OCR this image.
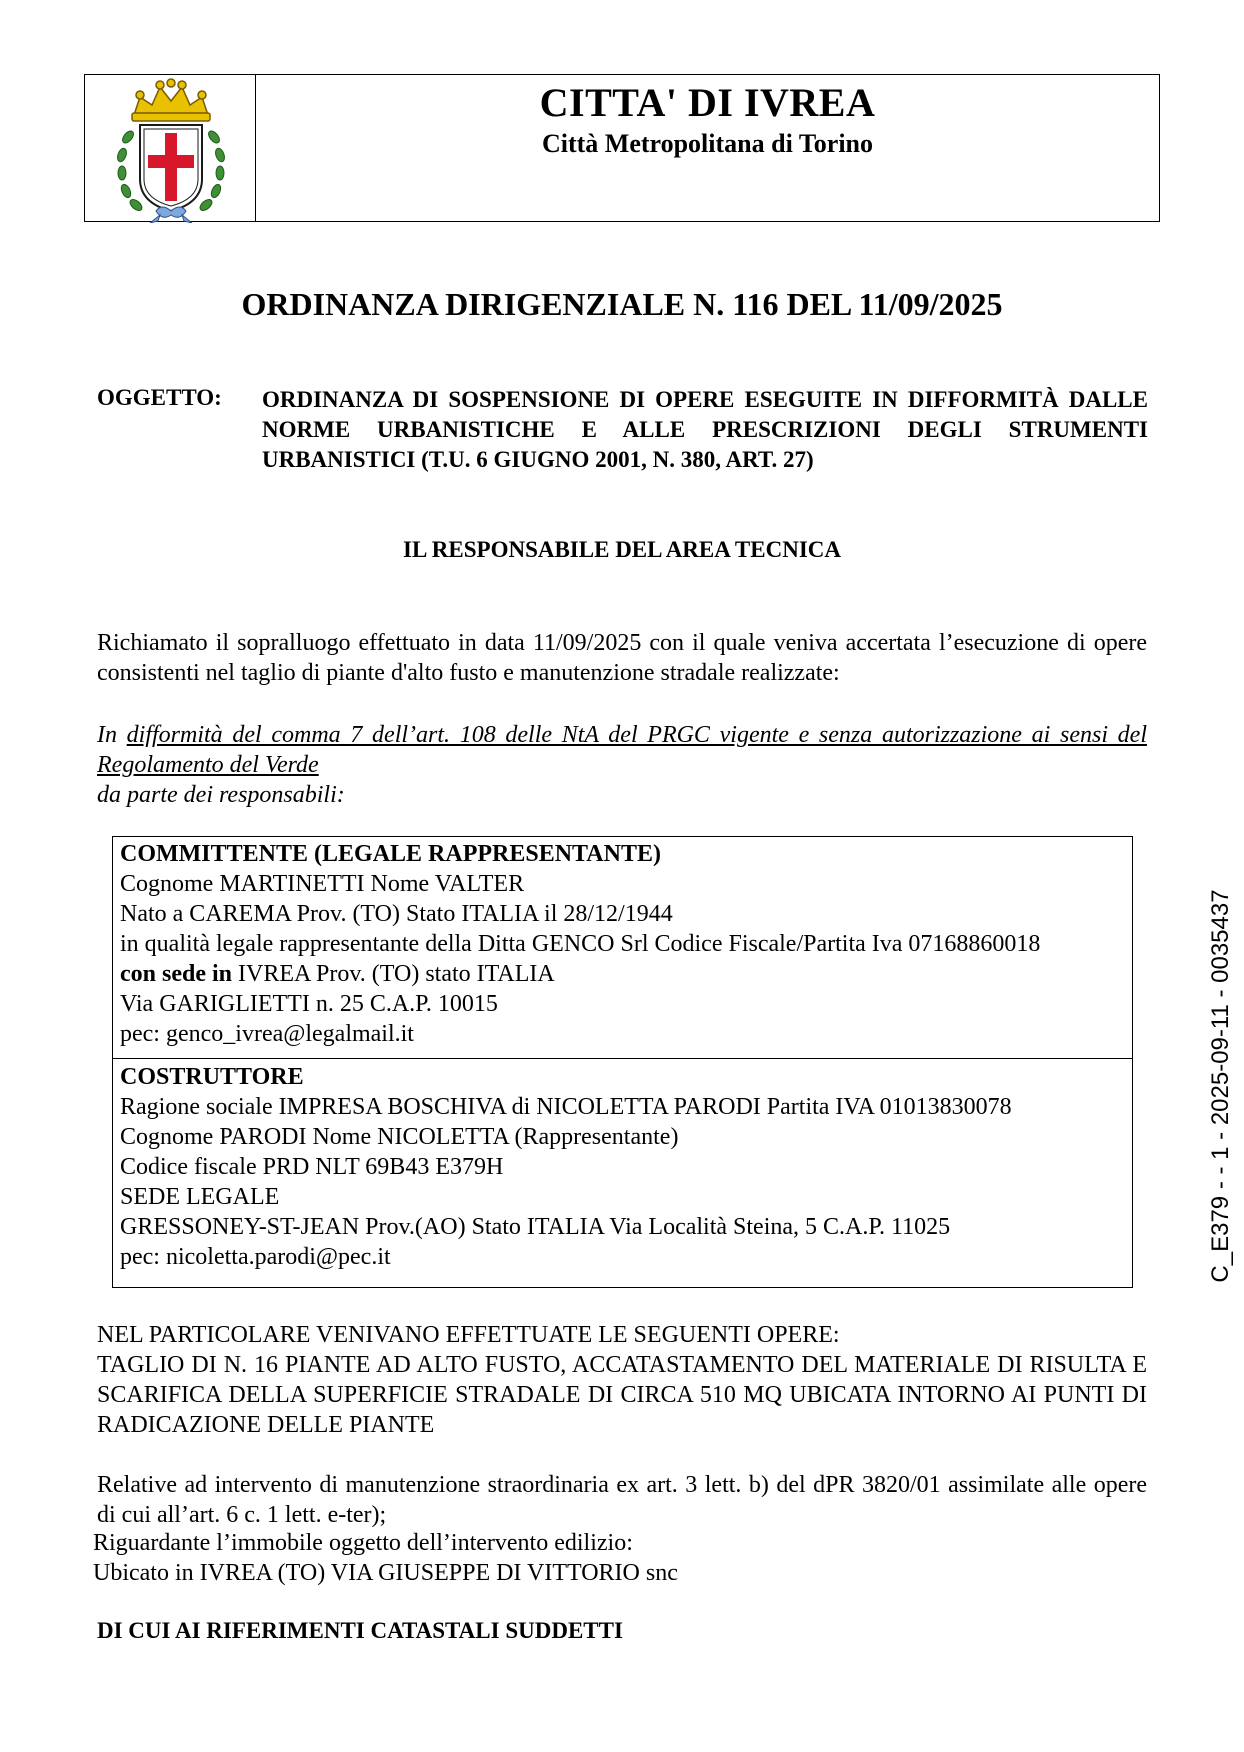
CITTA' DI IVREA
Città Metropolitana di Torino
ORDINANZA DIRIGENZIALE N. 116 DEL 11/09/2025
OGGETTO: ORDINANZA DI SOSPENSIONE DI OPERE ESEGUITE IN DIFFORMITÀ DALLE NORME URBANISTICHE E ALLE PRESCRIZIONI DEGLI STRUMENTI URBANISTICI (T.U. 6 GIUGNO 2001, N. 380, ART. 27)
IL RESPONSABILE DEL AREA TECNICA
Richiamato il sopralluogo effettuato in data 11/09/2025 con il quale veniva accertata l’esecuzione di opere consistenti nel taglio di piante d'alto fusto e manutenzione stradale realizzate:
In difformità del comma 7 dell’art. 108 delle NtA del PRGC vigente e senza autorizzazione ai sensi del Regolamento del Verde
da parte dei responsabili:
COMMITTENTE (LEGALE RAPPRESENTANTE)
Cognome MARTINETTI Nome VALTER
Nato a CAREMA Prov. (TO) Stato ITALIA il 28/12/1944
in qualità legale rappresentante della Ditta GENCO Srl Codice Fiscale/Partita Iva 07168860018
con sede in IVREA Prov. (TO) stato ITALIA
Via GARIGLIETTI n. 25 C.A.P. 10015
pec: genco_ivrea@legalmail.it
COSTRUTTORE
Ragione sociale IMPRESA BOSCHIVA di NICOLETTA PARODI Partita IVA 01013830078
Cognome PARODI Nome NICOLETTA (Rappresentante)
Codice fiscale PRD NLT 69B43 E379H
SEDE LEGALE
GRESSONEY-ST-JEAN Prov.(AO) Stato ITALIA Via Località Steina, 5 C.A.P. 11025
pec: nicoletta.parodi@pec.it
NEL PARTICOLARE VENIVANO EFFETTUATE LE SEGUENTI OPERE:
TAGLIO DI N. 16 PIANTE AD ALTO FUSTO, ACCATASTAMENTO DEL MATERIALE DI RISULTA E SCARIFICA DELLA SUPERFICIE STRADALE DI CIRCA 510 MQ UBICATA INTORNO AI PUNTI DI RADICAZIONE DELLE PIANTE
Relative ad intervento di manutenzione straordinaria ex art. 3 lett. b) del dPR 3820/01 assimilate alle opere di cui all’art. 6 c. 1 lett. e-ter);
Riguardante l’immobile oggetto dell’intervento edilizio:
Ubicato in IVREA (TO) VIA GIUSEPPE DI VITTORIO snc
DI CUI AI RIFERIMENTI CATASTALI SUDDETTI
C_E379 - - 1 - 2025-09-11 - 0035437
